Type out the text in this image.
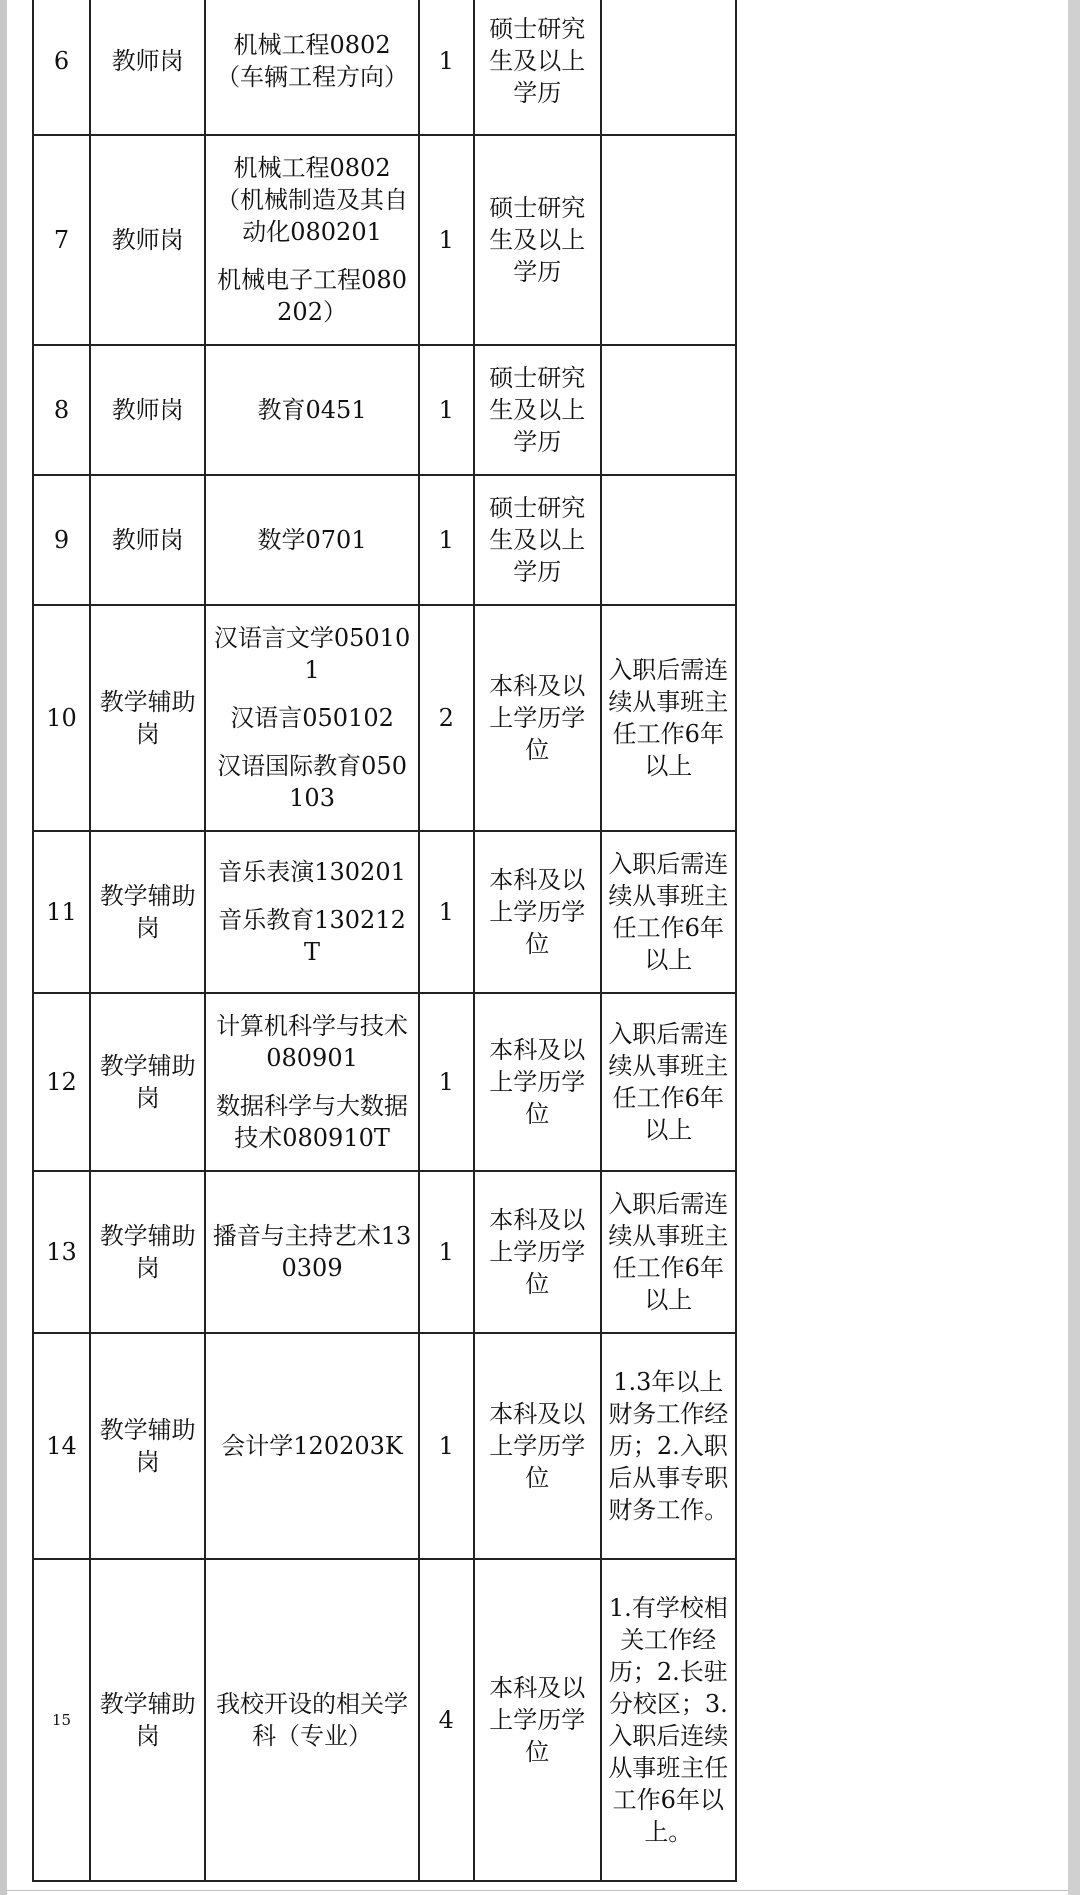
6	教师岗	机械工程0802（车辆工程方向）	1	硕士研究生及以上学历	
7	教师岗	机械工程0802（机械制造及其自动化080201
机械电子工程080202）	1	硕士研究生及以上学历	
8	教师岗	教育0451	1	硕士研究生及以上学历	
9	教师岗	数学0701	1	硕士研究生及以上学历	
10	教学辅助岗	汉语言文学050101
汉语言050102
汉语国际教育050103	2	本科及以上学历学位	入职后需连续从事班主任工作6年以上
11	教学辅助岗	音乐表演130201
音乐教育130212T	1	本科及以上学历学位	入职后需连续从事班主任工作6年以上
12	教学辅助岗	计算机科学与技术080901
数据科学与大数据技术080910T	1	本科及以上学历学位	入职后需连续从事班主任工作6年以上
13	教学辅助岗	播音与主持艺术130309	1	本科及以上学历学位	入职后需连续从事班主任工作6年以上
14	教学辅助岗	会计学120203K	1	本科及以上学历学位	1.3年以上财务工作经历；2.入职后从事专职财务工作。
15	教学辅助岗	我校开设的相关学科（专业）	4	本科及以上学历学位	1.有学校相关工作经历；2.长驻分校区；3.入职后连续从事班主任工作6年以上。
